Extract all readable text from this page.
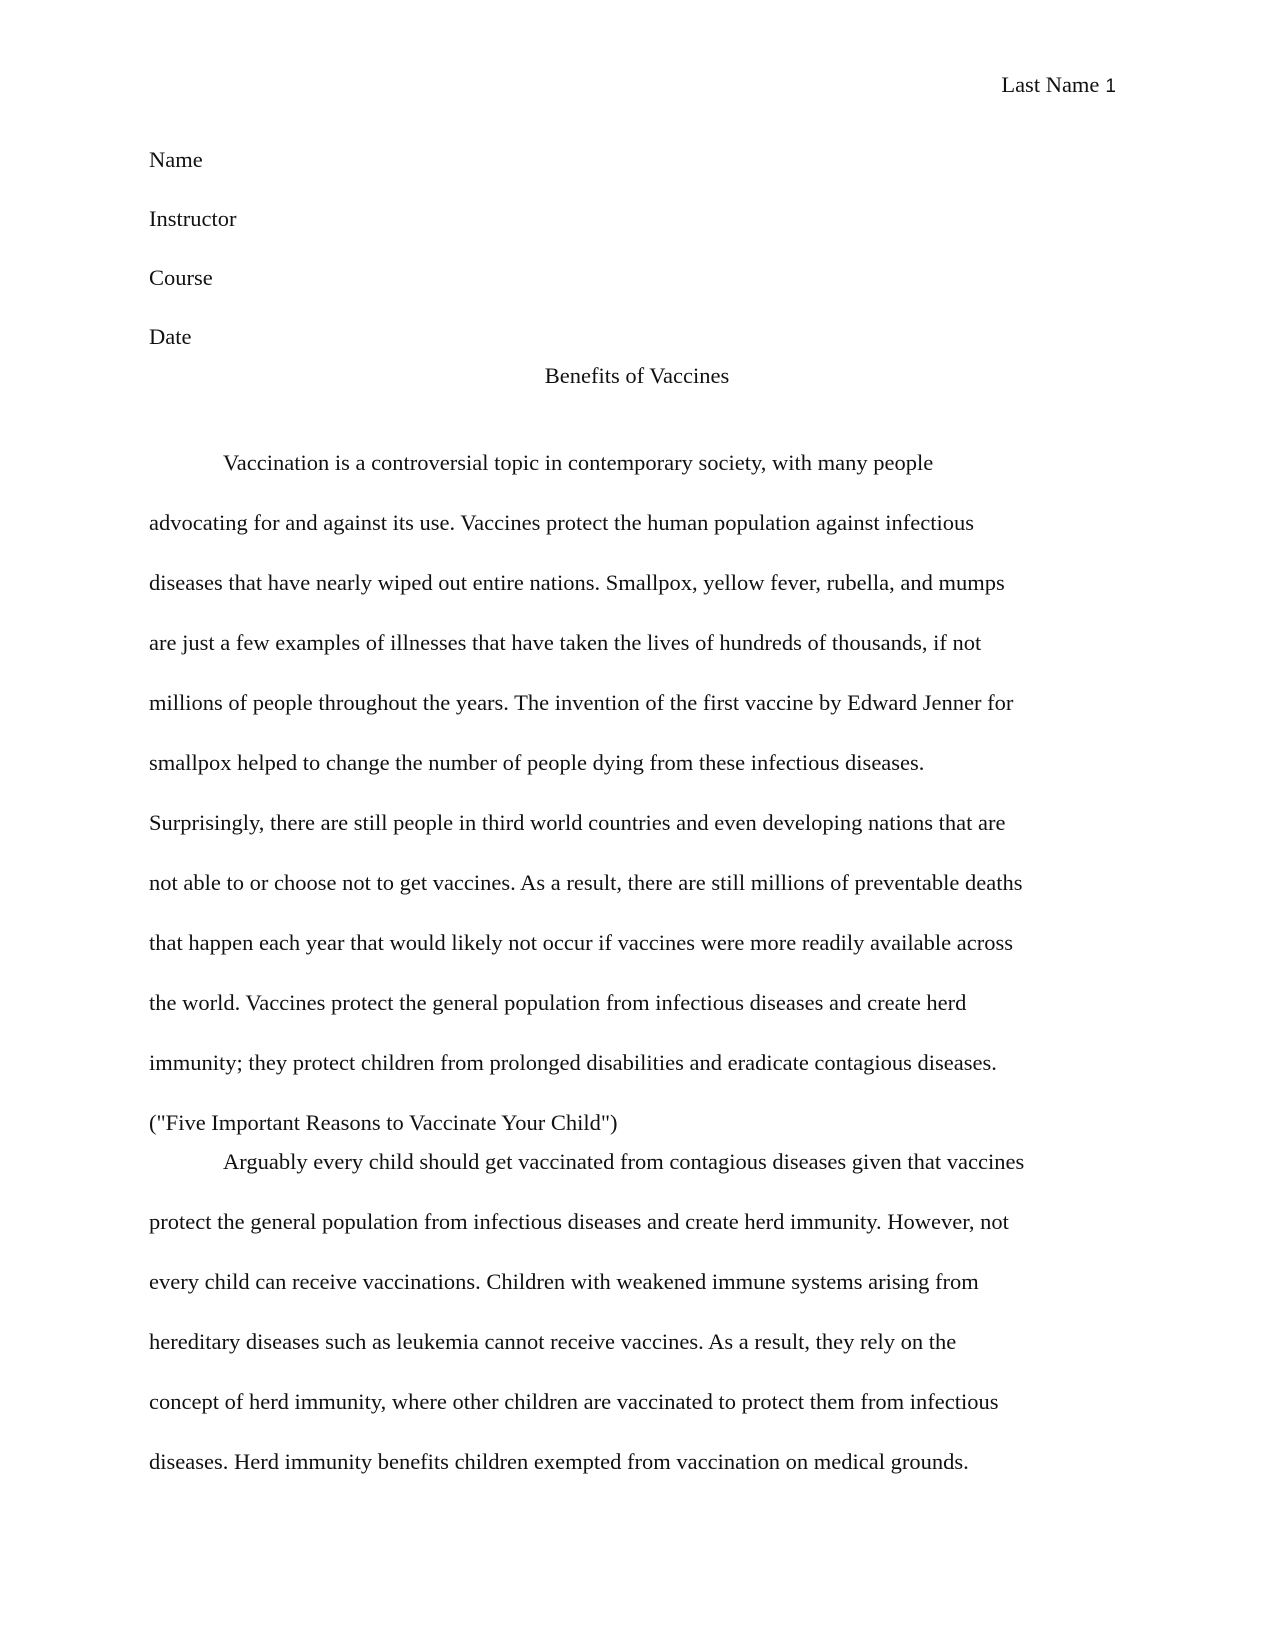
Last Name 1
Name
Instructor
Course
Date
Benefits of Vaccines
Vaccination is a controversial topic in contemporary society, with many people
advocating for and against its use. Vaccines protect the human population against infectious
diseases that have nearly wiped out entire nations. Smallpox, yellow fever, rubella, and mumps
are just a few examples of illnesses that have taken the lives of hundreds of thousands, if not
millions of people throughout the years. The invention of the first vaccine by Edward Jenner for
smallpox helped to change the number of people dying from these infectious diseases.
Surprisingly, there are still people in third world countries and even developing nations that are
not able to or choose not to get vaccines. As a result, there are still millions of preventable deaths
that happen each year that would likely not occur if vaccines were more readily available across
the world. Vaccines protect the general population from infectious diseases and create herd
immunity; they protect children from prolonged disabilities and eradicate contagious diseases.
("Five Important Reasons to Vaccinate Your Child")
Arguably every child should get vaccinated from contagious diseases given that vaccines
protect the general population from infectious diseases and create herd immunity. However, not
every child can receive vaccinations. Children with weakened immune systems arising from
hereditary diseases such as leukemia cannot receive vaccines. As a result, they rely on the
concept of herd immunity, where other children are vaccinated to protect them from infectious
diseases. Herd immunity benefits children exempted from vaccination on medical grounds.
